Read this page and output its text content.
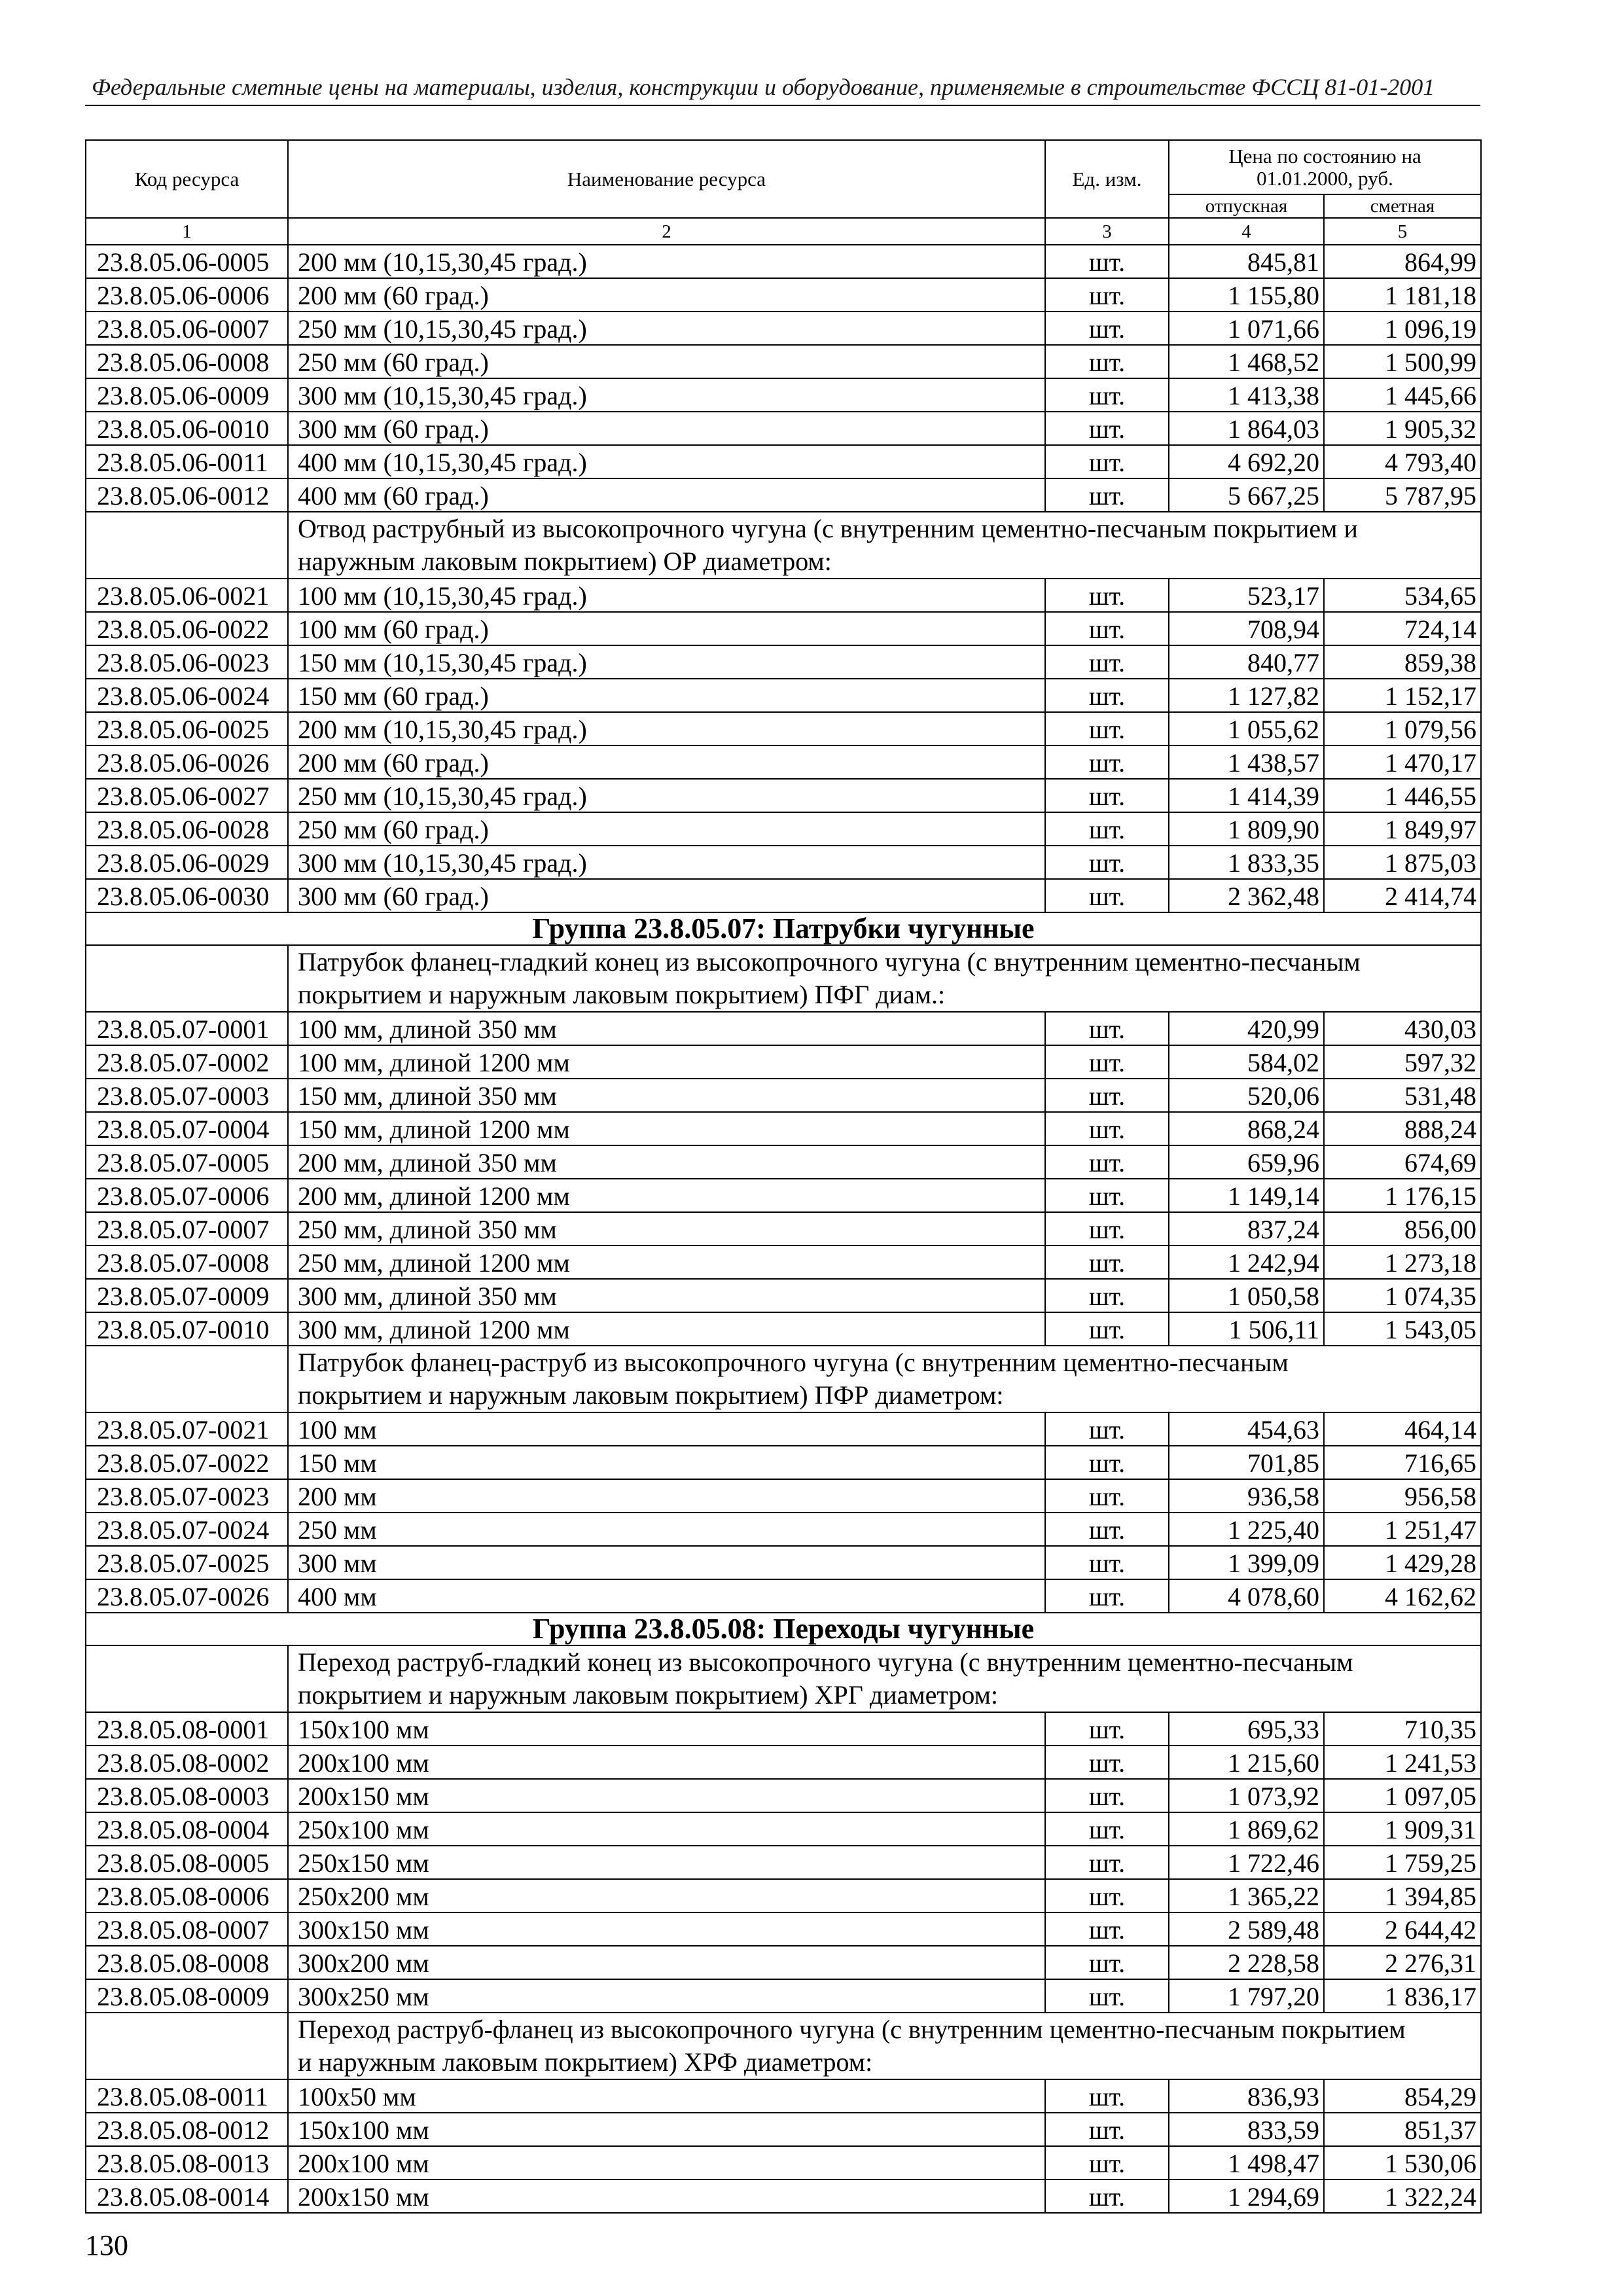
Федеральные сметные цены на материалы, изделия, конструкции и оборудование, применяемые в строительстве ФССЦ 81-01-2001
Код ресурса	Наименование ресурса	Ед. изм.	Цена по состоянию на
01.01.2000, руб.	

			отпускная	сметная
1	2	3	4	5
23.8.05.06-0005	200 мм (10,15,30,45 град.)	шт.	845,81	864,99
23.8.05.06-0006	200 мм (60 град.)	шт.	1 155,80	1 181,18
23.8.05.06-0007	250 мм (10,15,30,45 град.)	шт.	1 071,66	1 096,19
23.8.05.06-0008	250 мм (60 град.)	шт.	1 468,52	1 500,99
23.8.05.06-0009	300 мм (10,15,30,45 град.)	шт.	1 413,38	1 445,66
23.8.05.06-0010	300 мм (60 град.)	шт.	1 864,03	1 905,32
23.8.05.06-0011	400 мм (10,15,30,45 град.)	шт.	4 692,20	4 793,40
23.8.05.06-0012	400 мм (60 град.)	шт.	5 667,25	5 787,95

	Отвод раструбный из высокопрочного чугуна (с внутренним цементно-песчаным покрытием и
наружным лаковым покрытием) ОР диаметром:			

23.8.05.06-0021	100 мм (10,15,30,45 град.)	шт.	523,17	534,65
23.8.05.06-0022	100 мм (60 град.)	шт.	708,94	724,14
23.8.05.06-0023	150 мм (10,15,30,45 град.)	шт.	840,77	859,38
23.8.05.06-0024	150 мм (60 град.)	шт.	1 127,82	1 152,17
23.8.05.06-0025	200 мм (10,15,30,45 град.)	шт.	1 055,62	1 079,56
23.8.05.06-0026	200 мм (60 град.)	шт.	1 438,57	1 470,17
23.8.05.06-0027	250 мм (10,15,30,45 град.)	шт.	1 414,39	1 446,55
23.8.05.06-0028	250 мм (60 град.)	шт.	1 809,90	1 849,97
23.8.05.06-0029	300 мм (10,15,30,45 град.)	шт.	1 833,35	1 875,03
23.8.05.06-0030	300 мм (60 град.)	шт.	2 362,48	2 414,74
Группа 23.8.05.07: Патрубки чугунные				

	Патрубок фланец-гладкий конец из высокопрочного чугуна (с внутренним цементно-песчаным
покрытием и наружным лаковым покрытием) ПФГ диам.:			

23.8.05.07-0001	100 мм, длиной 350 мм	шт.	420,99	430,03
23.8.05.07-0002	100 мм, длиной 1200 мм	шт.	584,02	597,32
23.8.05.07-0003	150 мм, длиной 350 мм	шт.	520,06	531,48
23.8.05.07-0004	150 мм, длиной 1200 мм	шт.	868,24	888,24
23.8.05.07-0005	200 мм, длиной 350 мм	шт.	659,96	674,69
23.8.05.07-0006	200 мм, длиной 1200 мм	шт.	1 149,14	1 176,15
23.8.05.07-0007	250 мм, длиной 350 мм	шт.	837,24	856,00
23.8.05.07-0008	250 мм, длиной 1200 мм	шт.	1 242,94	1 273,18
23.8.05.07-0009	300 мм, длиной 350 мм	шт.	1 050,58	1 074,35
23.8.05.07-0010	300 мм, длиной 1200 мм	шт.	1 506,11	1 543,05

	Патрубок фланец-раструб из высокопрочного чугуна (с внутренним цементно-песчаным
покрытием и наружным лаковым покрытием) ПФР диаметром:			

23.8.05.07-0021	100 мм	шт.	454,63	464,14
23.8.05.07-0022	150 мм	шт.	701,85	716,65
23.8.05.07-0023	200 мм	шт.	936,58	956,58
23.8.05.07-0024	250 мм	шт.	1 225,40	1 251,47
23.8.05.07-0025	300 мм	шт.	1 399,09	1 429,28
23.8.05.07-0026	400 мм	шт.	4 078,60	4 162,62
Группа 23.8.05.08: Переходы чугунные				

	Переход раструб-гладкий конец из высокопрочного чугуна (с внутренним цементно-песчаным
покрытием и наружным лаковым покрытием) ХРГ диаметром:			

23.8.05.08-0001	150х100 мм	шт.	695,33	710,35
23.8.05.08-0002	200х100 мм	шт.	1 215,60	1 241,53
23.8.05.08-0003	200х150 мм	шт.	1 073,92	1 097,05
23.8.05.08-0004	250х100 мм	шт.	1 869,62	1 909,31
23.8.05.08-0005	250х150 мм	шт.	1 722,46	1 759,25
23.8.05.08-0006	250х200 мм	шт.	1 365,22	1 394,85
23.8.05.08-0007	300х150 мм	шт.	2 589,48	2 644,42
23.8.05.08-0008	300х200 мм	шт.	2 228,58	2 276,31
23.8.05.08-0009	300х250 мм	шт.	1 797,20	1 836,17

	Переход раструб-фланец из высокопрочного чугуна (с внутренним цементно-песчаным покрытием
и наружным лаковым покрытием) ХРФ диаметром:			

23.8.05.08-0011	100х50 мм	шт.	836,93	854,29
23.8.05.08-0012	150х100 мм	шт.	833,59	851,37
23.8.05.08-0013	200х100 мм	шт.	1 498,47	1 530,06
23.8.05.08-0014	200х150 мм	шт.	1 294,69	1 322,24
130
